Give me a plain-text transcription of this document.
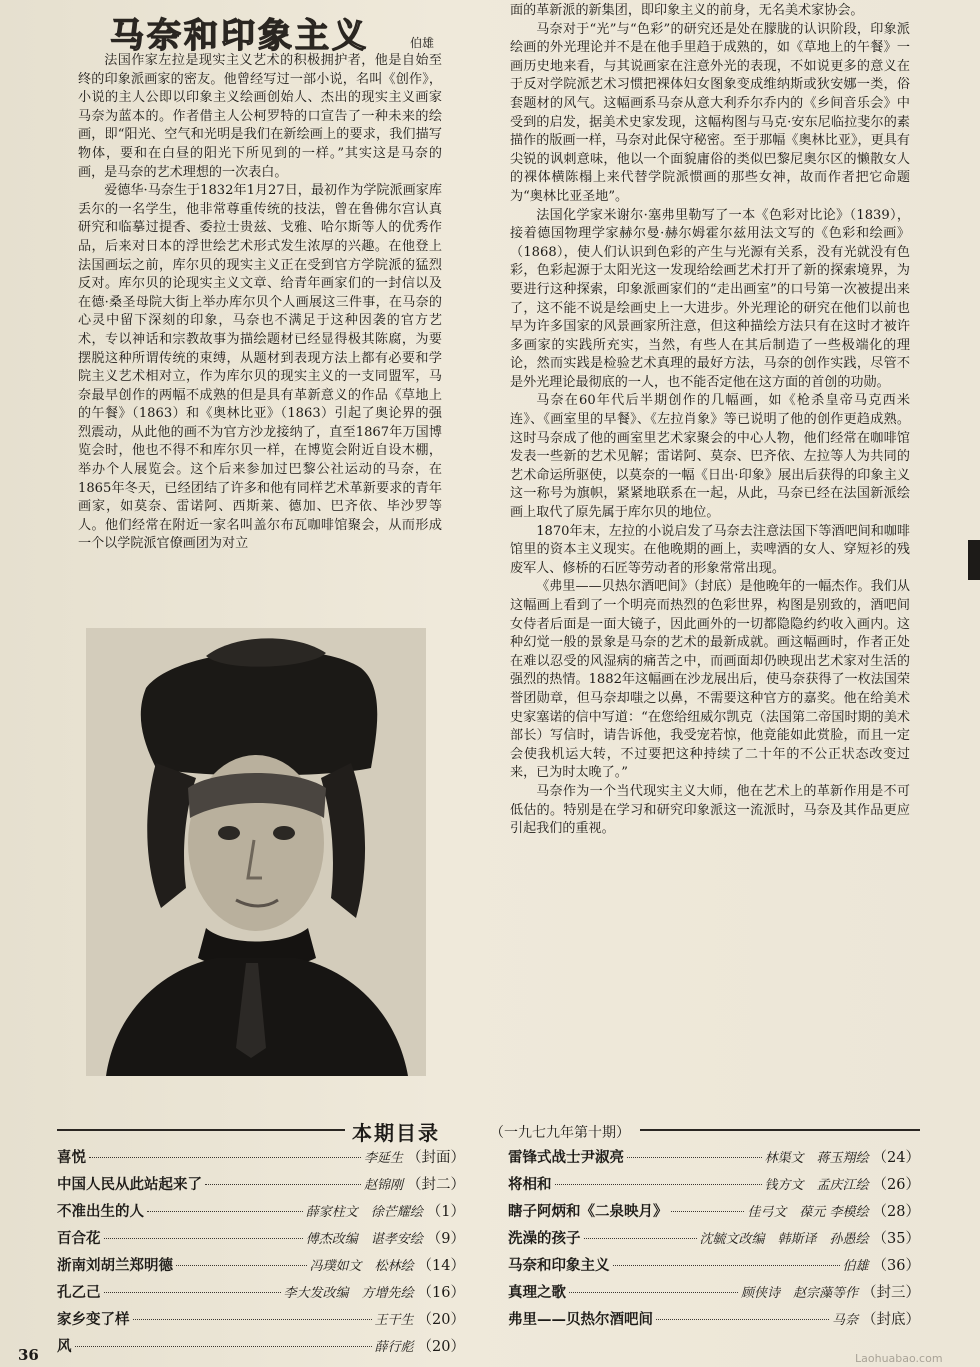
马奈和印象主义	伯雄

法国作家左拉是现实主义艺术的积极拥护者，他是自始至终的印象派画家的密友。他曾经写过一部小说，名叫《创作》，小说的主人公即以印象主义绘画创始人、杰出的现实主义画家马奈为蓝本的。作者借主人公柯罗特的口宣告了一种未来的绘画，即“阳光、空气和光明是我们在新绘画上的要求，我们描写物体，要和在白昼的阳光下所见到的一样。”其实这是马奈的画，是马奈的艺术理想的一次表白。

爱德华·马奈生于1832年1月27日，最初作为学院派画家库丢尔的一名学生，他非常尊重传统的技法，曾在鲁佛尔宫认真研究和临摹过提香、委拉士贵兹、戈雅、哈尔斯等人的优秀作品，后来对日本的浮世绘艺术形式发生浓厚的兴趣。在他登上法国画坛之前，库尔贝的现实主义正在受到官方学院派的猛烈反对。库尔贝的论现实主义文章、给青年画家们的一封信以及在德·桑圣母院大街上举办库尔贝个人画展这三件事，在马奈的心灵中留下深刻的印象，马奈也不满足于这种因袭的官方艺术，专以神话和宗教故事为描绘题材已经显得极其陈腐，为要摆脱这种所谓传统的束缚，从题材到表现方法上都有必要和学院主义艺术相对立，作为库尔贝的现实主义的一支同盟军，马奈最早创作的两幅不成熟的但是具有革新意义的作品《草地上的午餐》（1863）和《奥林比亚》（1863）引起了奥论界的强烈震动，从此他的画不为官方沙龙接纳了，直至1867年万国博览会时，他也不得不和库尔贝一样，在博览会附近自设木棚，举办个人展览会。这个后来参加过巴黎公社运动的马奈，在1865年冬天，已经团结了许多和他有同样艺术革新要求的青年画家，如莫奈、雷诺阿、西斯莱、德加、巴齐依、毕沙罗等人。他们经常在附近一家名叫盖尔布瓦咖啡馆聚会，从而形成一个以学院派官僚画团为对立

面的革新派的新集团，即印象主义的前身，无名美术家协会。

马奈对于“光”与“色彩”的研究还是处在朦胧的认识阶段，印象派绘画的外光理论并不是在他手里趋于成熟的，如《草地上的午餐》一画历史地来看，与其说画家在注意外光的表现，不如说更多的意义在于反对学院派艺术习惯把裸体妇女图象变成维纳斯或狄安娜一类，俗套题材的风气。这幅画系马奈从意大利乔尔乔内的《乡间音乐会》中受到的启发，据美术史家发现，这幅构图与马克·安东尼临拉斐尔的素描作的版画一样，马奈对此保守秘密。至于那幅《奥林比亚》，更具有尖锐的讽刺意味，他以一个面貌庸俗的类似巴黎尼奥尔区的懒散女人的裸体横陈榻上来代替学院派惯画的那些女神，故而作者把它命题为“奥林比亚圣地”。

法国化学家米谢尔·塞弗里勒写了一本《色彩对比论》（1839），接着德国物理学家赫尔曼·赫尔姆霍尔兹用法文写的《色彩和绘画》（1868），使人们认识到色彩的产生与光源有关系，没有光就没有色彩，色彩起源于太阳光这一发现给绘画艺术打开了新的探索境界，为要进行这种探索，印象派画家们的“走出画室”的口号第一次被提出来了，这不能不说是绘画史上一大进步。外光理论的研究在他们以前也早为许多国家的风景画家所注意，但这种描绘方法只有在这时才被许多画家的实践所充实，当然，有些人在其后制造了一些极端化的理论，然而实践是检验艺术真理的最好方法，马奈的创作实践，尽管不是外光理论最彻底的一人，也不能否定他在这方面的首创的功勋。

马奈在60年代后半期创作的几幅画，如《枪杀皇帝马克西米连》、《画室里的早餐》、《左拉肖象》等已说明了他的创作更趋成熟。这时马奈成了他的画室里艺术家聚会的中心人物，他们经常在咖啡馆发表一些新的艺术见解；雷诺阿、莫奈、巴齐依、左拉等人为共同的艺术命运所驱使，以莫奈的一幅《日出·印象》展出后获得的印象主义这一称号为旗帜，紧紧地联系在一起，从此，马奈已经在法国新派绘画上取代了原先属于库尔贝的地位。

1870年末，左拉的小说启发了马奈去注意法国下等酒吧间和咖啡馆里的资本主义现实。在他晚期的画上，卖啤酒的女人、穿短衫的残废军人、修桥的石匠等劳动者的形象常常出现。

《弗里——贝热尔酒吧间》（封底）是他晚年的一幅杰作。我们从这幅画上看到了一个明亮而热烈的色彩世界，构图是别致的，酒吧间女侍者后面是一面大镜子，因此画外的一切都隐隐约约收入画内。这种幻觉一般的景象是马奈的艺术的最新成就。画这幅画时，作者正处在难以忍受的风湿病的痛苦之中，而画面却仍映现出艺术家对生活的强烈的热情。1882年这幅画在沙龙展出后，使马奈获得了一枚法国荣誉团勋章，但马奈却嗤之以鼻，不需要这种官方的嘉奖。他在给美术史家塞诺的信中写道：“在您给纽威尔凯克（法国第二帝国时期的美术部长）写信时，请告诉他，我受宠若惊，他竟能如此赏脸，而且一定会使我机运大转，不过要把这种持续了二十年的不公正状态改变过来，已为时太晚了。”

马奈作为一个当代现实主义大师，他在艺术上的革新作用是不可低估的。特别是在学习和研究印象派这一流派时，马奈及其作品更应引起我们的重视。

本期目录	（一九七九年第十期）
喜悦	李延生 （封面）
中国人民从此站起来了	赵锦刚 （封二）
不准出生的人	薛家柱文　徐芒耀绘 （1）
百合花	傅杰改编　谌孝安绘 （9）
浙南刘胡兰郑明德	冯璞如文　松林绘 （14）
孔乙己	李大发改编　方增先绘 （16）
家乡变了样	王干生 （20）
风	薛行彪 （20）
雷锋式战士尹淑亮	林渠文　蒋玉翔绘 （24）
将相和	钱方文　孟庆江绘 （26）
瞎子阿炳和《二泉映月》	佳弓文　葆元 李模绘 （28）
洗澡的孩子	沈毓文改编　韩斯译　孙愚绘 （35）
马奈和印象主义	伯雄 （36）
真理之歌	顾侠诗　赵宗藻等作 （封三）
弗里——贝热尔酒吧间	马奈 （封底）
36	Laohuabao.com
